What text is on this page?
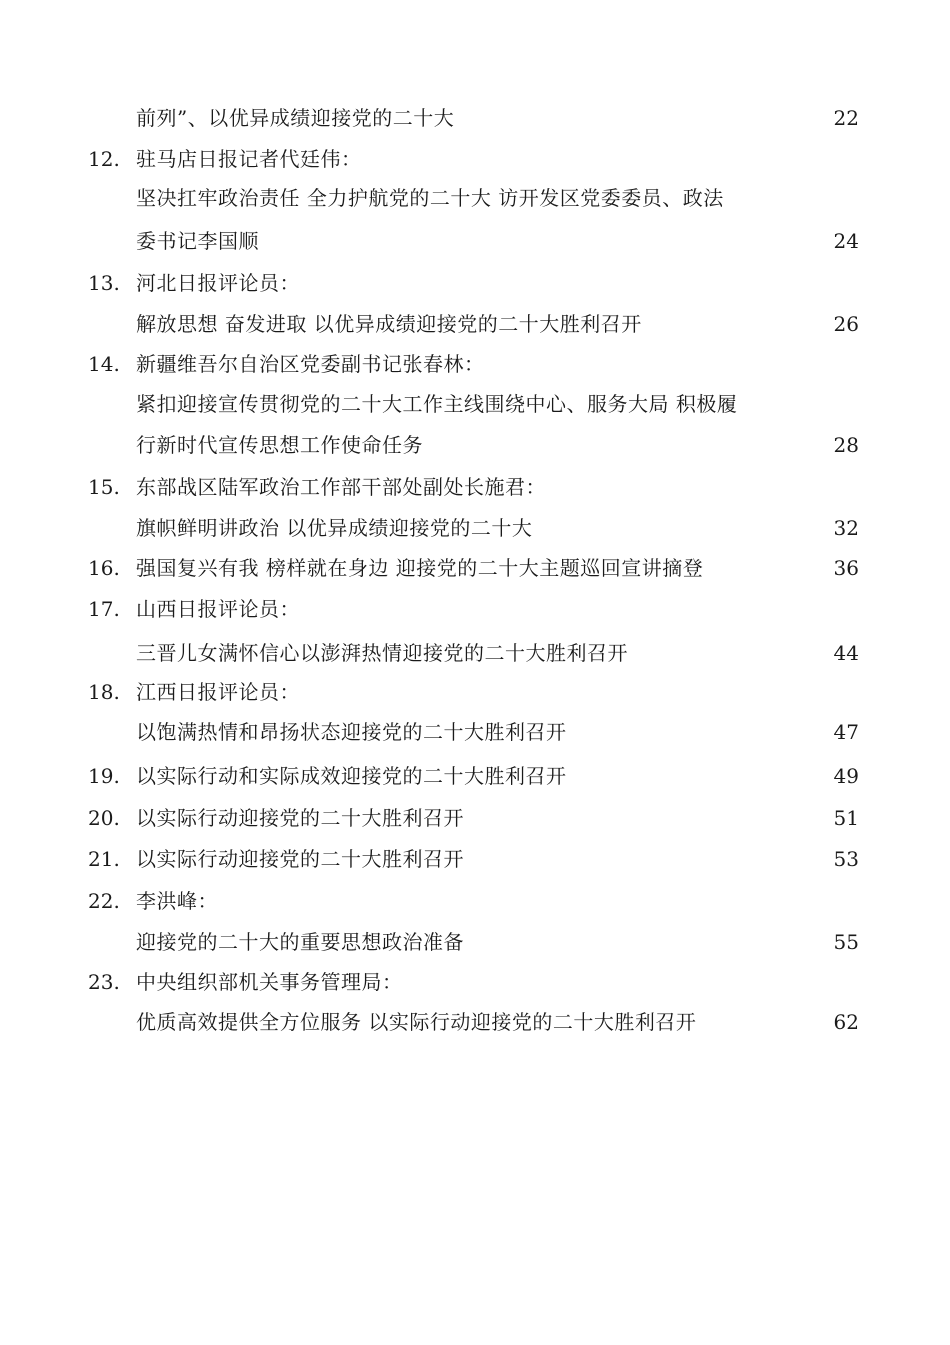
前列”、以优异成绩迎接党的二十大	22
12. 驻马店日报记者代廷伟：
坚决扛牢政治责任 全力护航党的二十大 访开发区党委委员、政法
委书记李国顺	24
13. 河北日报评论员：
解放思想 奋发进取 以优异成绩迎接党的二十大胜利召开	26
14. 新疆维吾尔自治区党委副书记张春林：
紧扣迎接宣传贯彻党的二十大工作主线围绕中心、服务大局 积极履
行新时代宣传思想工作使命任务	28
15. 东部战区陆军政治工作部干部处副处长施君：
旗帜鲜明讲政治 以优异成绩迎接党的二十大	32
16. 强国复兴有我 榜样就在身边 迎接党的二十大主题巡回宣讲摘登	36
17. 山西日报评论员：
三晋儿女满怀信心以澎湃热情迎接党的二十大胜利召开	44
18. 江西日报评论员：
以饱满热情和昂扬状态迎接党的二十大胜利召开	47
19. 以实际行动和实际成效迎接党的二十大胜利召开	49
20. 以实际行动迎接党的二十大胜利召开	51
21. 以实际行动迎接党的二十大胜利召开	53
22. 李洪峰：
迎接党的二十大的重要思想政治准备	55
23. 中央组织部机关事务管理局：
优质高效提供全方位服务 以实际行动迎接党的二十大胜利召开	62
